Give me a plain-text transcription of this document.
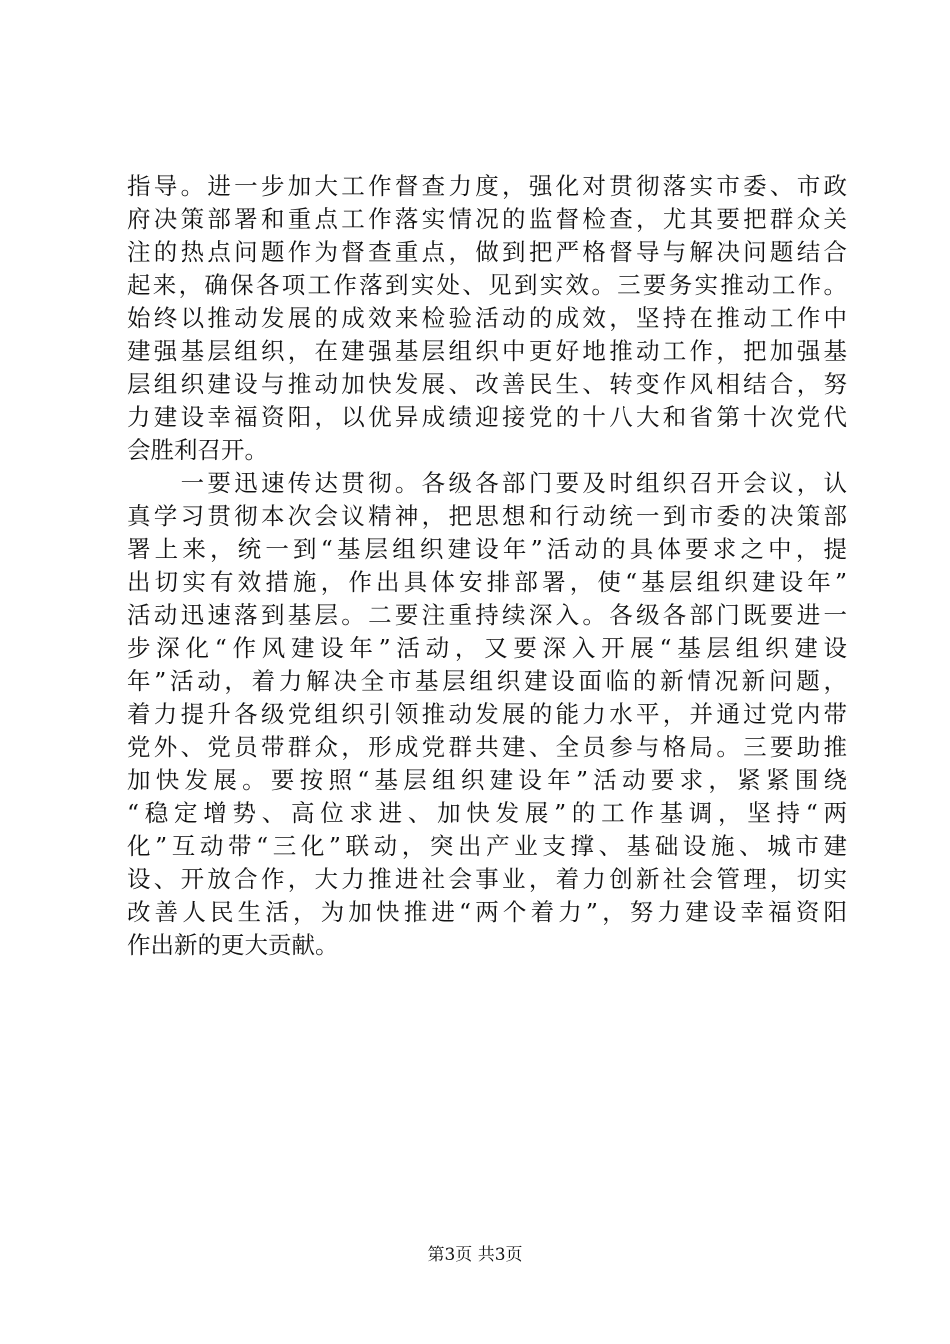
指导。进一步加大工作督查力度，强化对贯彻落实市委、市政
府决策部署和重点工作落实情况的监督检查，尤其要把群众关
注的热点问题作为督查重点，做到把严格督导与解决问题结合
起来，确保各项工作落到实处、见到实效。三要务实推动工作。
始终以推动发展的成效来检验活动的成效，坚持在推动工作中
建强基层组织，在建强基层组织中更好地推动工作，把加强基
层组织建设与推动加快发展、改善民生、转变作风相结合，努
力建设幸福资阳，以优异成绩迎接党的十八大和省第十次党代
会胜利召开。
　　一要迅速传达贯彻。各级各部门要及时组织召开会议，认
真学习贯彻本次会议精神，把思想和行动统一到市委的决策部
署上来，统一到“基层组织建设年”活动的具体要求之中，提
出切实有效措施，作出具体安排部署，使“基层组织建设年”
活动迅速落到基层。二要注重持续深入。各级各部门既要进一
步深化“作风建设年”活动，又要深入开展“基层组织建设
年”活动，着力解决全市基层组织建设面临的新情况新问题，
着力提升各级党组织引领推动发展的能力水平，并通过党内带
党外、党员带群众，形成党群共建、全员参与格局。三要助推
加快发展。要按照“基层组织建设年”活动要求，紧紧围绕
“稳定增势、高位求进、加快发展”的工作基调，坚持“两
化”互动带“三化”联动，突出产业支撑、基础设施、城市建
设、开放合作，大力推进社会事业，着力创新社会管理，切实
改善人民生活，为加快推进“两个着力”，努力建设幸福资阳
作出新的更大贡献。
第3页 共3页
